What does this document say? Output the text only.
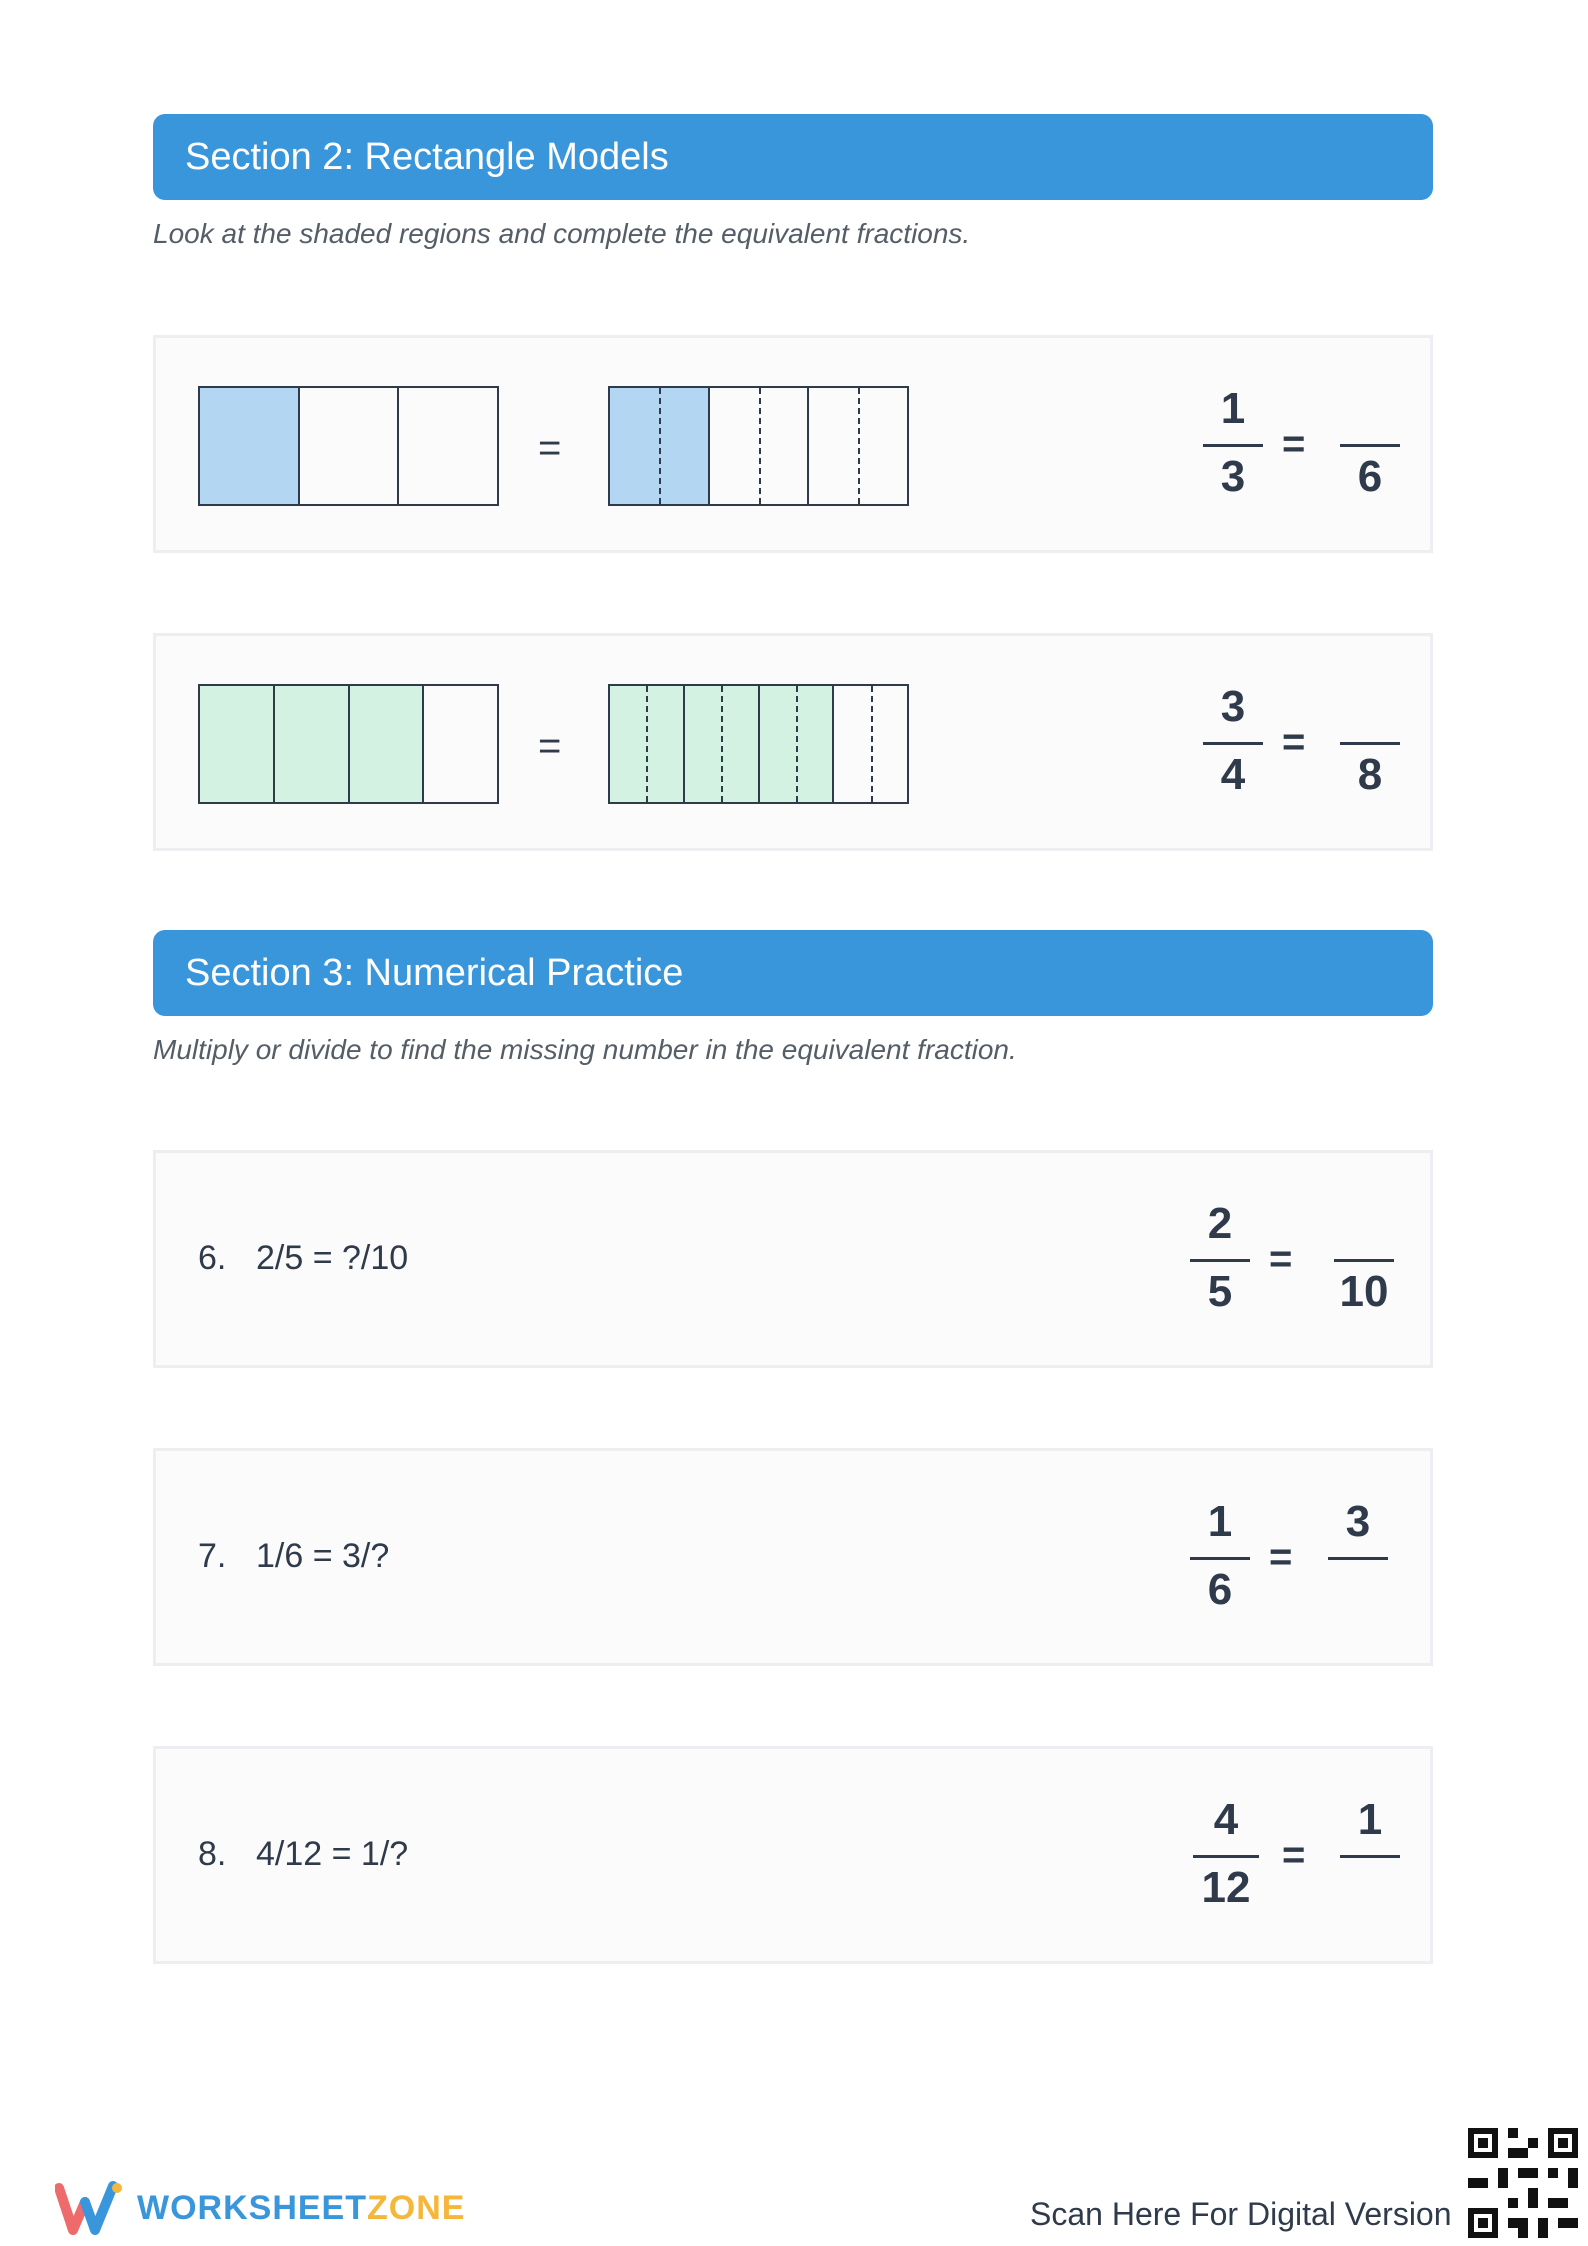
Section 2: Rectangle Models
Look at the shaded regions and complete the equivalent fractions.
=
1
3
=
6
=
3
4
=
8
Section 3: Numerical Practice
Multiply or divide to find the missing number in the equivalent fraction.
6. 2/5 = ?/10
2
5
=
10
7. 1/6 = 3/?
1
6
=
3
8. 4/12 = 1/?
4
12
=
1
WORKSHEETZONE	Scan Here For Digital Version
